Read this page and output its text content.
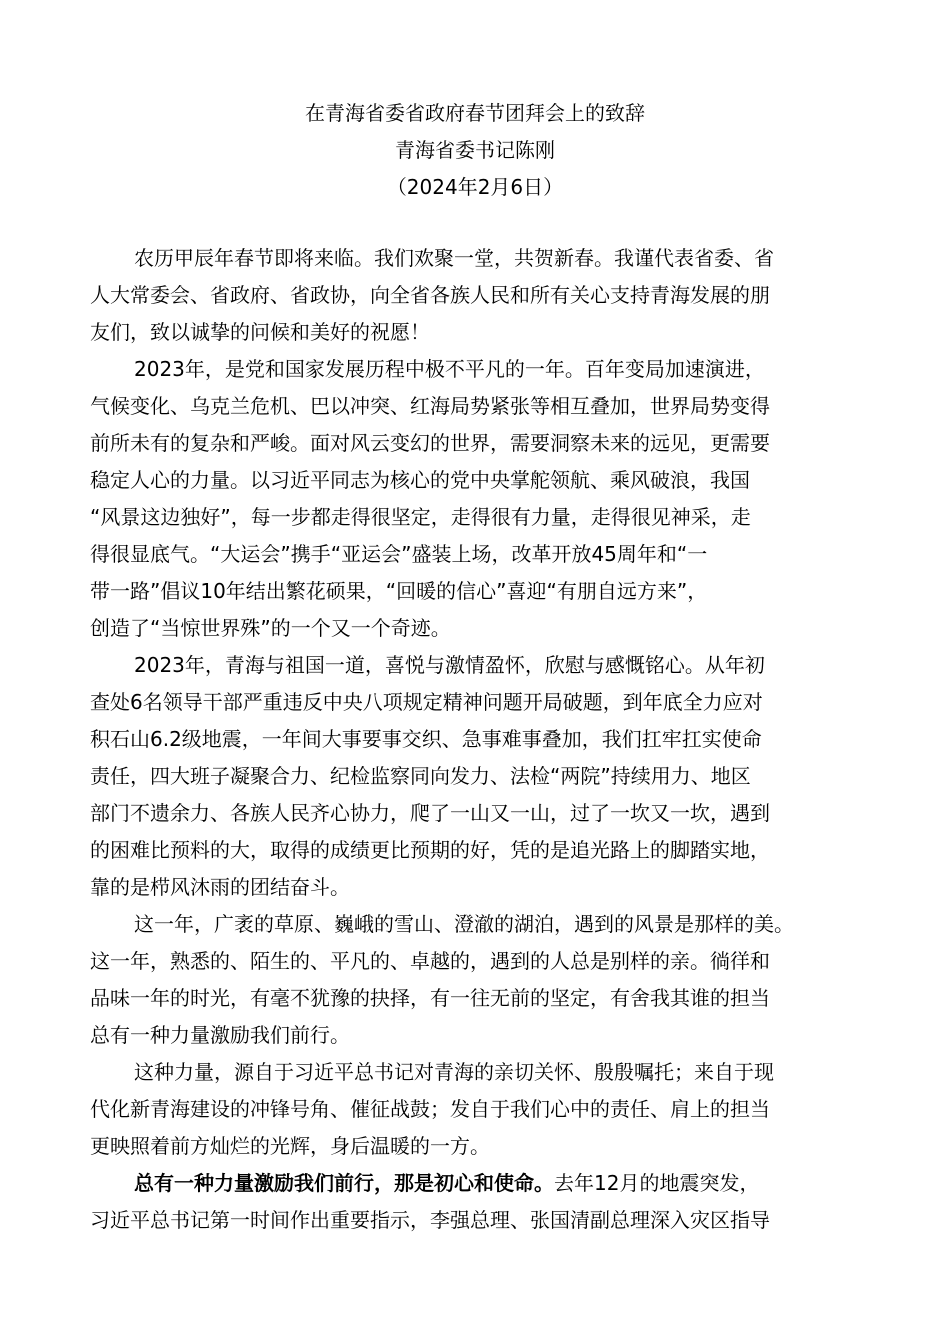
在青海省委省政府春节团拜会上的致辞
青海省委书记陈刚
（2024年2月6日）
农历甲辰年春节即将来临。我们欢聚一堂，共贺新春。我谨代表省委、省
人大常委会、省政府、省政协，向全省各族人民和所有关心支持青海发展的朋
友们，致以诚挚的问候和美好的祝愿！
2023年，是党和国家发展历程中极不平凡的一年。百年变局加速演进，
气候变化、乌克兰危机、巴以冲突、红海局势紧张等相互叠加，世界局势变得
前所未有的复杂和严峻。面对风云变幻的世界，需要洞察未来的远见，更需要
稳定人心的力量。以习近平同志为核心的党中央掌舵领航、乘风破浪，我国
“风景这边独好”，每一步都走得很坚定，走得很有力量，走得很见神采，走
得很显底气。“大运会”携手“亚运会”盛装上场，改革开放45周年和“一
带一路”倡议10年结出繁花硕果，“回暖的信心”喜迎“有朋自远方来”，
创造了“当惊世界殊”的一个又一个奇迹。
2023年，青海与祖国一道，喜悦与激情盈怀，欣慰与感慨铭心。从年初
查处6名领导干部严重违反中央八项规定精神问题开局破题，到年底全力应对
积石山6.2级地震，一年间大事要事交织、急事难事叠加，我们扛牢扛实使命
责任，四大班子凝聚合力、纪检监察同向发力、法检“两院”持续用力、地区
部门不遗余力、各族人民齐心协力，爬了一山又一山，过了一坎又一坎，遇到
的困难比预料的大，取得的成绩更比预期的好，凭的是追光路上的脚踏实地，
靠的是栉风沐雨的团结奋斗。
这一年，广袤的草原、巍峨的雪山、澄澈的湖泊，遇到的风景是那样的美。
这一年，熟悉的、陌生的、平凡的、卓越的，遇到的人总是别样的亲。徜徉和
品味一年的时光，有毫不犹豫的抉择，有一往无前的坚定，有舍我其谁的担当
总有一种力量激励我们前行。
这种力量，源自于习近平总书记对青海的亲切关怀、殷殷嘱托；来自于现
代化新青海建设的冲锋号角、催征战鼓；发自于我们心中的责任、肩上的担当
更映照着前方灿烂的光辉，身后温暖的一方。
总有一种力量激励我们前行，那是初心和使命。去年12月的地震突发，
习近平总书记第一时间作出重要指示，李强总理、张国清副总理深入灾区指导
